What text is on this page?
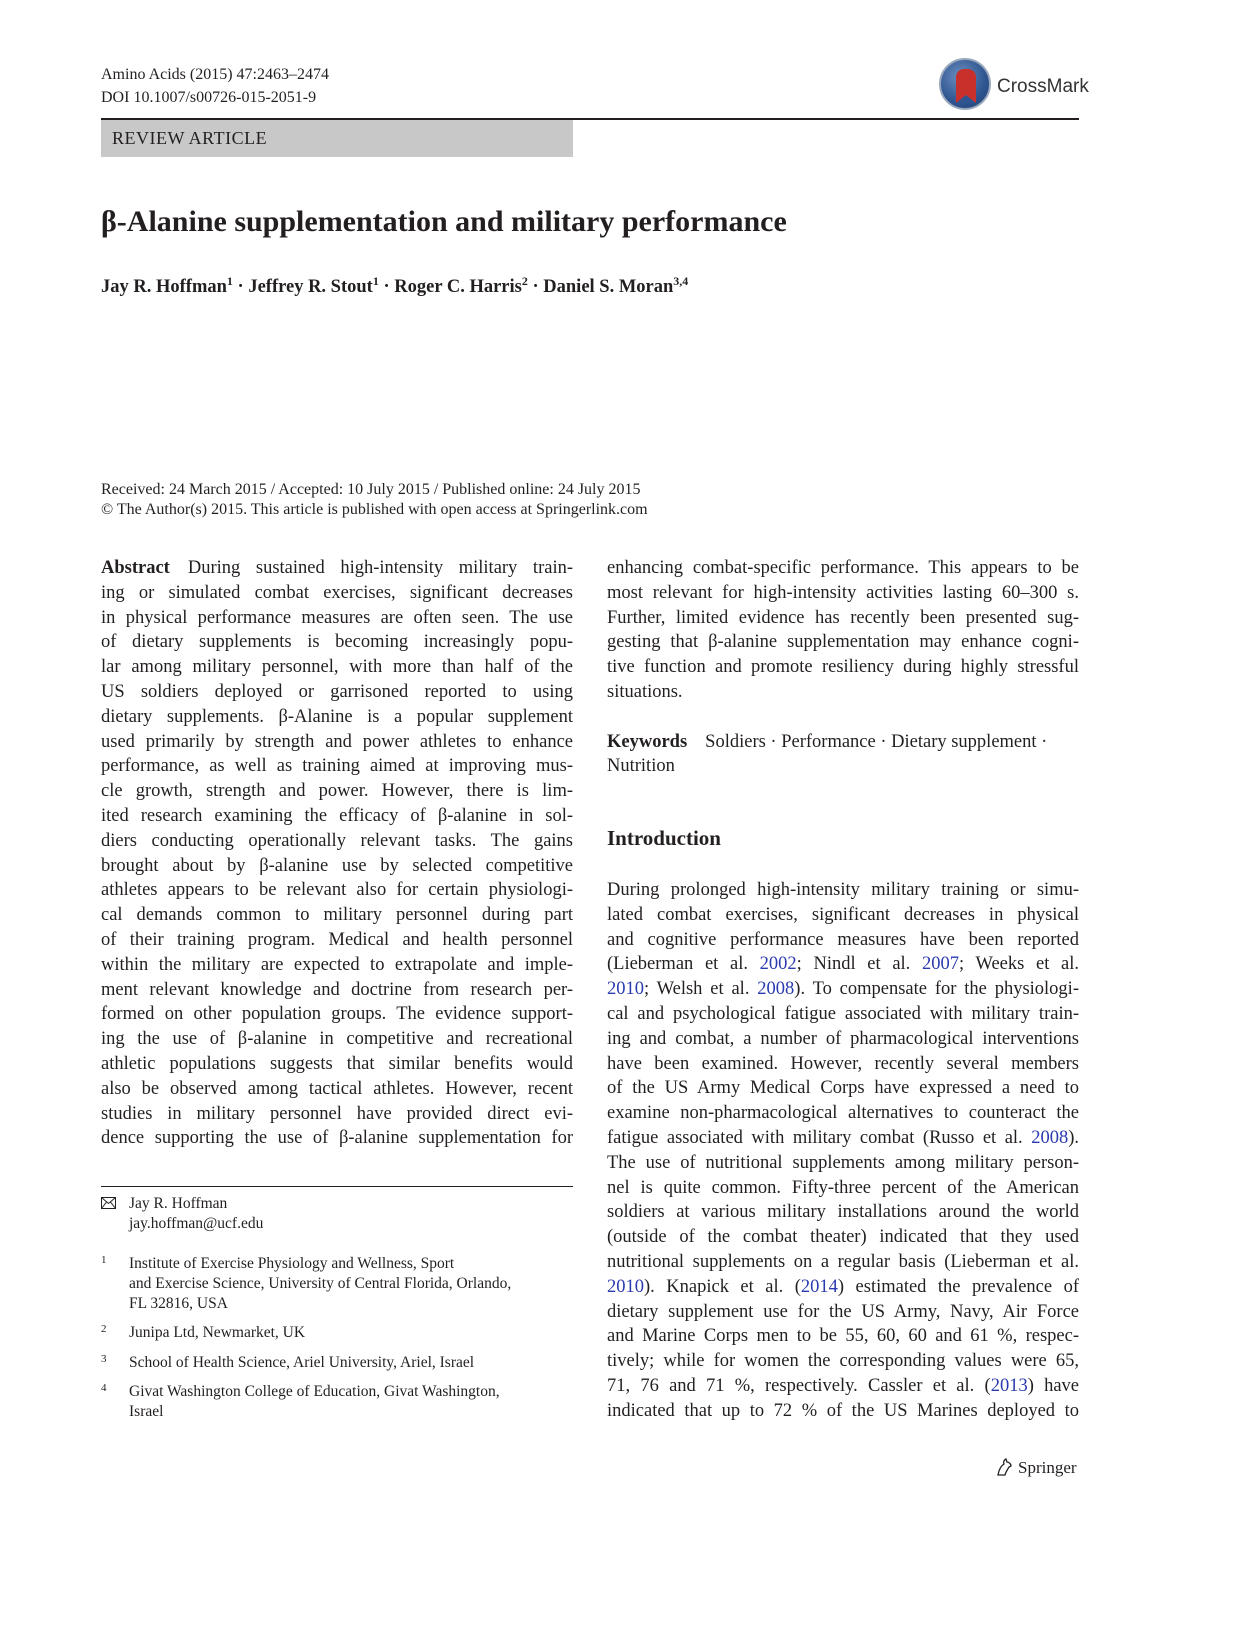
Amino Acids (2015) 47:2463–2474
DOI 10.1007/s00726-015-2051-9
CrossMark
REVIEW ARTICLE
β-Alanine supplementation and military performance
Jay R. Hoffman$^1$ · Jeffrey R. Stout$^1$ · Roger C. Harris$^2$ · Daniel S. Moran$^{3,4}$
Received: 24 March 2015 / Accepted: 10 July 2015 / Published online: 24 July 2015
© The Author(s) 2015. This article is published with open access at Springerlink.com
Abstract During sustained high-intensity military train-
ing or simulated combat exercises, significant decreases
in physical performance measures are often seen. The use
of dietary supplements is becoming increasingly popu-
lar among military personnel, with more than half of the
US soldiers deployed or garrisoned reported to using
dietary supplements. β-Alanine is a popular supplement
used primarily by strength and power athletes to enhance
performance, as well as training aimed at improving mus-
cle growth, strength and power. However, there is lim-
ited research examining the efficacy of β-alanine in sol-
diers conducting operationally relevant tasks. The gains
brought about by β-alanine use by selected competitive
athletes appears to be relevant also for certain physiologi-
cal demands common to military personnel during part
of their training program. Medical and health personnel
within the military are expected to extrapolate and imple-
ment relevant knowledge and doctrine from research per-
formed on other population groups. The evidence support-
ing the use of β-alanine in competitive and recreational
athletic populations suggests that similar benefits would
also be observed among tactical athletes. However, recent
studies in military personnel have provided direct evi-
dence supporting the use of β-alanine supplementation for
enhancing combat-specific performance. This appears to be
most relevant for high-intensity activities lasting 60–300 s.
Further, limited evidence has recently been presented sug-
gesting that β-alanine supplementation may enhance cogni-
tive function and promote resiliency during highly stressful
situations.
Keywords Soldiers · Performance · Dietary supplement ·
Nutrition
Introduction
During prolonged high-intensity military training or simu-
lated combat exercises, significant decreases in physical
and cognitive performance measures have been reported
(Lieberman et al. 2002; Nindl et al. 2007; Weeks et al.
2010; Welsh et al. 2008). To compensate for the physiologi-
cal and psychological fatigue associated with military train-
ing and combat, a number of pharmacological interventions
have been examined. However, recently several members
of the US Army Medical Corps have expressed a need to
examine non-pharmacological alternatives to counteract the
fatigue associated with military combat (Russo et al. 2008).
The use of nutritional supplements among military person-
nel is quite common. Fifty-three percent of the American
soldiers at various military installations around the world
(outside of the combat theater) indicated that they used
nutritional supplements on a regular basis (Lieberman et al.
2010). Knapick et al. (2014) estimated the prevalence of
dietary supplement use for the US Army, Navy, Air Force
and Marine Corps men to be 55, 60, 60 and 61 %, respec-
tively; while for women the corresponding values were 65,
71, 76 and 71 %, respectively. Cassler et al. (2013) have
indicated that up to 72 % of the US Marines deployed to
Jay R. Hoffman
jay.hoffman@ucf.edu
1 Institute of Exercise Physiology and Wellness, Sport
and Exercise Science, University of Central Florida, Orlando,
FL 32816, USA
2 Junipa Ltd, Newmarket, UK
3 School of Health Science, Ariel University, Ariel, Israel
4 Givat Washington College of Education, Givat Washington,
Israel
Springer
